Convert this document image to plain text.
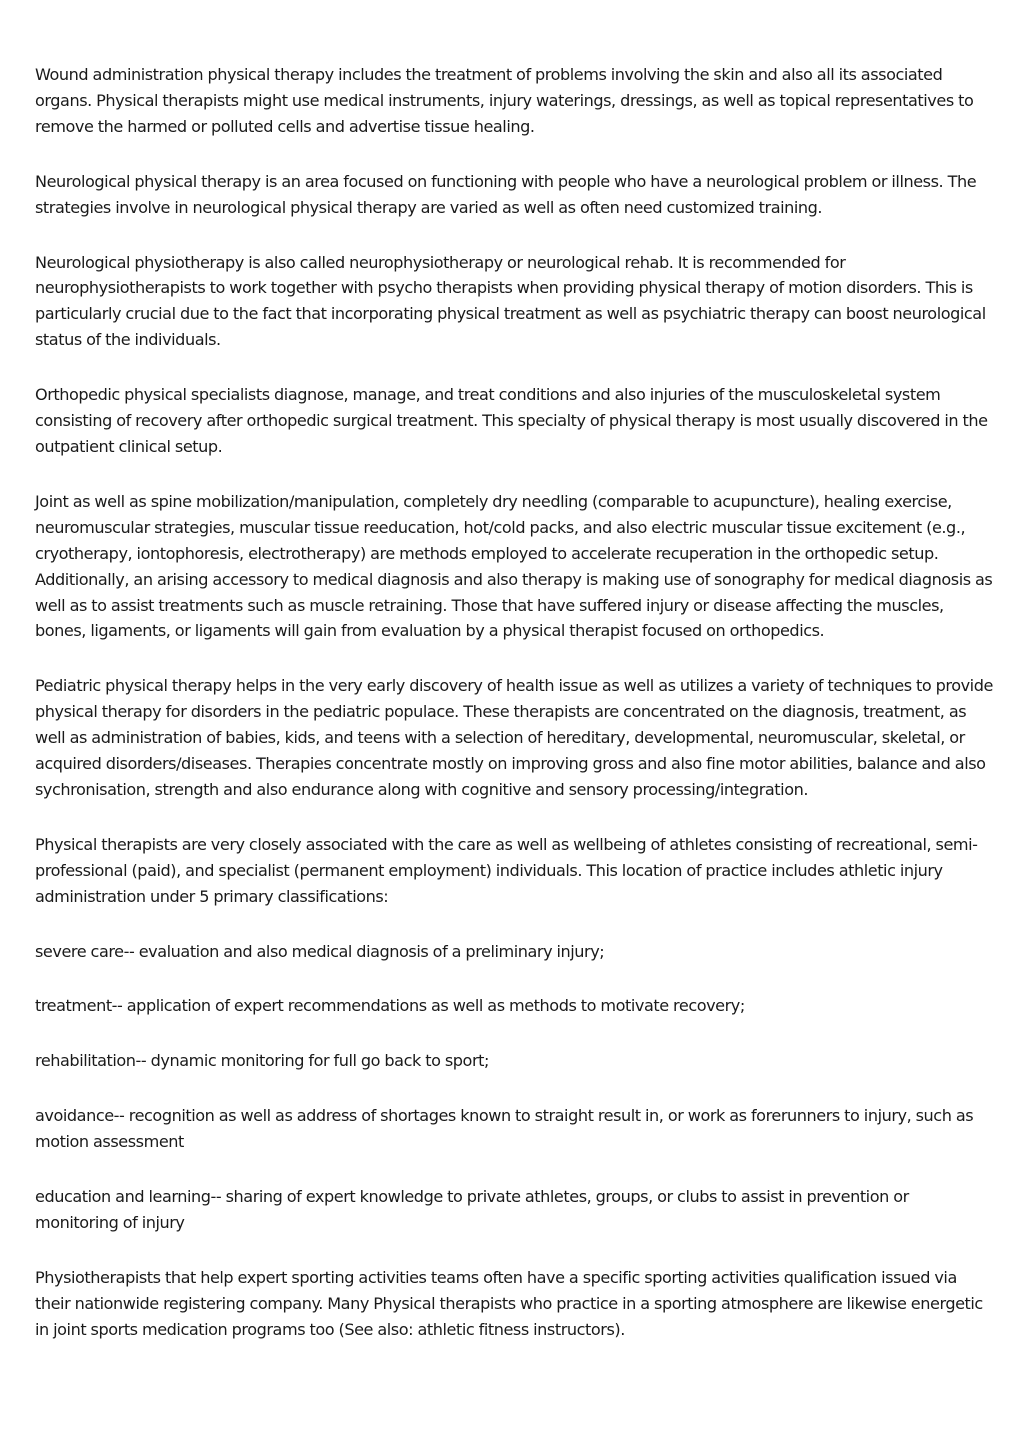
Wound administration physical therapy includes the treatment of problems involving the skin and also all its associated organs. Physical therapists might use medical instruments, injury waterings, dressings, as well as topical representatives to remove the harmed or polluted cells and advertise tissue healing.

Neurological physical therapy is an area focused on functioning with people who have a neurological problem or illness. The strategies involve in neurological physical therapy are varied as well as often need customized training.

Neurological physiotherapy is also called neurophysiotherapy or neurological rehab. It is recommended for neurophysiotherapists to work together with psycho therapists when providing physical therapy of motion disorders. This is particularly crucial due to the fact that incorporating physical treatment as well as psychiatric therapy can boost neurological status of the individuals.

Orthopedic physical specialists diagnose, manage, and treat conditions and also injuries of the musculoskeletal system consisting of recovery after orthopedic surgical treatment. This specialty of physical therapy is most usually discovered in the outpatient clinical setup.

Joint as well as spine mobilization/manipulation, completely dry needling (comparable to acupuncture), healing exercise, neuromuscular strategies, muscular tissue reeducation, hot/cold packs, and also electric muscular tissue excitement (e.g., cryotherapy, iontophoresis, electrotherapy) are methods employed to accelerate recuperation in the orthopedic setup. Additionally, an arising accessory to medical diagnosis and also therapy is making use of sonography for medical diagnosis as well as to assist treatments such as muscle retraining. Those that have suffered injury or disease affecting the muscles, bones, ligaments, or ligaments will gain from evaluation by a physical therapist focused on orthopedics.

Pediatric physical therapy helps in the very early discovery of health issue as well as utilizes a variety of techniques to provide physical therapy for disorders in the pediatric populace. These therapists are concentrated on the diagnosis, treatment, as well as administration of babies, kids, and teens with a selection of hereditary, developmental, neuromuscular, skeletal, or acquired disorders/diseases. Therapies concentrate mostly on improving gross and also fine motor abilities, balance and also sychronisation, strength and also endurance along with cognitive and sensory processing/integration.

Physical therapists are very closely associated with the care as well as wellbeing of athletes consisting of recreational, semi-professional (paid), and specialist (permanent employment) individuals. This location of practice includes athletic injury administration under 5 primary classifications:

severe care-- evaluation and also medical diagnosis of a preliminary injury;

treatment-- application of expert recommendations as well as methods to motivate recovery;

rehabilitation-- dynamic monitoring for full go back to sport;

avoidance-- recognition as well as address of shortages known to straight result in, or work as forerunners to injury, such as motion assessment

education and learning-- sharing of expert knowledge to private athletes, groups, or clubs to assist in prevention or monitoring of injury

Physiotherapists that help expert sporting activities teams often have a specific sporting activities qualification issued via their nationwide registering company. Many Physical therapists who practice in a sporting atmosphere are likewise energetic in joint sports medication programs too (See also: athletic fitness instructors).
